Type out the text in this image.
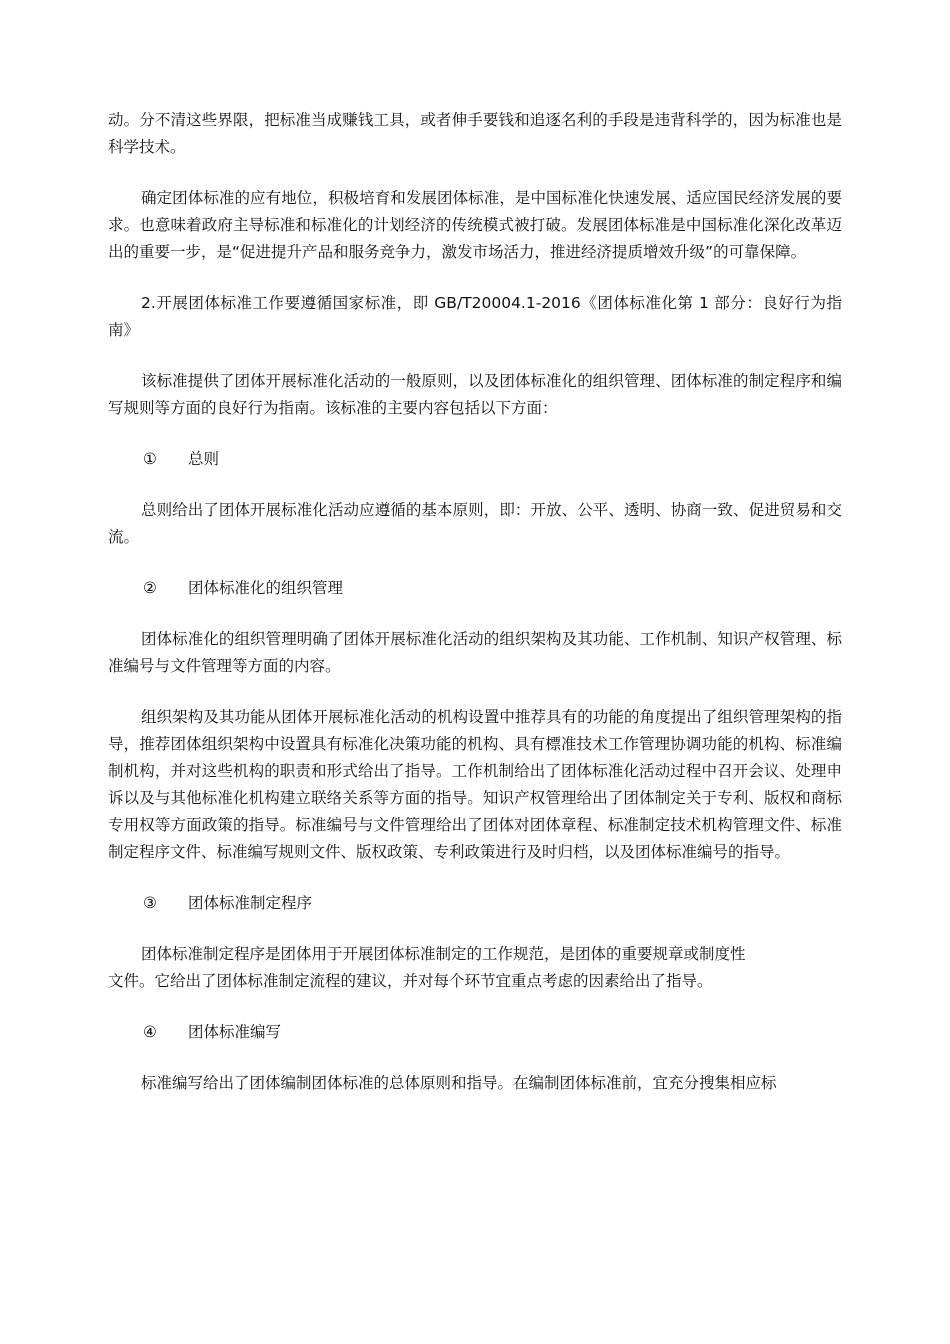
动。分不清这些界限，把标准当成赚钱工具，或者伸手要钱和追逐名利的手段是违背科学的，因为标准也是科学技术。

确定团体标准的应有地位，积极培育和发展团体标准，是中国标准化快速发展、适应国民经济发展的要求。也意味着政府主导标准和标准化的计划经济的传统模式被打破。发展团体标准是中国标准化深化改革迈出的重要一步，是“促进提升产品和服务竞争力，激发市场活力，推进经济提质增效升级”的可靠保障。

2.开展团体标准工作要遵循国家标准，即 GB/T20004.1-2016《团体标准化第 1 部分：良好行为指南》

该标准提供了团体开展标准化活动的一般原则，以及团体标准化的组织管理、团体标准的制定程序和编写规则等方面的良好行为指南。该标准的主要内容包括以下方面：

①	总则

总则给出了团体开展标准化活动应遵循的基本原则，即：开放、公平、透明、协商一致、促进贸易和交流。

②	团体标准化的组织管理

团体标准化的组织管理明确了团体开展标准化活动的组织架构及其功能、工作机制、知识产权管理、标准编号与文件管理等方面的内容。

组织架构及其功能从团体开展标准化活动的机构设置中推荐具有的功能的角度提出了组织管理架构的指导，推荐团体组织架构中设置具有标准化决策功能的机构、具有標准技术工作管理协调功能的机构、标准编制机构，并对这些机构的职责和形式给出了指导。工作机制给出了团体标准化活动过程中召开会议、处理申诉以及与其他标准化机构建立联络关系等方面的指导。知识产权管理给出了团体制定关于专利、版权和商标专用权等方面政策的指导。标准编号与文件管理给出了团体对团体章程、标准制定技术机构管理文件、标准制定程序文件、标准编写规则文件、版权政策、专利政策进行及时归档，以及团体标准编号的指导。

③	团体标准制定程序

团体标准制定程序是团体用于开展团体标准制定的工作规范，是团体的重要规章或制度性
文件。它给出了团体标准制定流程的建议，并对每个环节宜重点考虑的因素给出了指导。

④	团体标准编写

标准编写给出了团体编制团体标准的总体原则和指导。在编制团体标准前，宜充分搜集相应标
